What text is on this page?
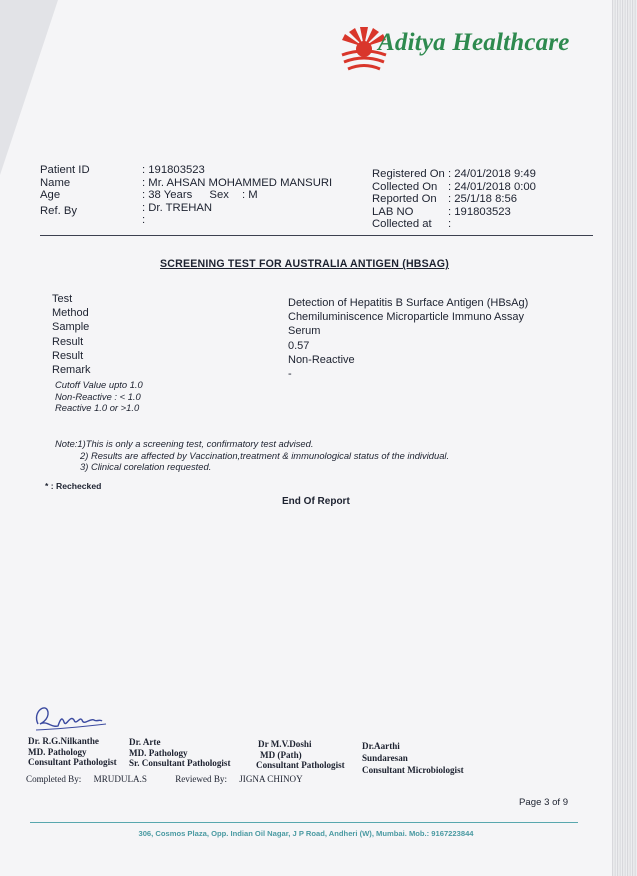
Aditya Healthcare
Patient ID
Name
Age
Ref. By
: 191803523
: Mr. AHSAN MOHAMMED MANSURI
: 38 Years Sex : M
: Dr. TREHAN
:
Registered On
Collected On
Reported On
LAB NO
Collected at
: 24/01/2018 9:49
: 24/01/2018 0:00
: 25/1/18 8:56
: 191803523
:
SCREENING TEST FOR AUSTRALIA ANTIGEN (HBSAG)
Test
Method
Sample
Result
Result
Remark
Detection of Hepatitis B Surface Antigen (HBsAg)
Chemiluminiscence Microparticle Immuno Assay
Serum
0.57
Non-Reactive
-
Cutoff Value upto 1.0
Non-Reactive : < 1.0
Reactive 1.0 or >1.0
Note:1)This is only a screening test, confirmatory test advised.
2) Results are affected by Vaccination,treatment & immunological status of the individual.
3) Clinical corelation requested.
* : Rechecked
End Of Report
Dr. R.G.Nilkanthe
MD. Pathology
Consultant Pathologist
Dr. Arte
MD. Pathology
Sr. Consultant Pathologist
Dr M.V.Doshi
MD (Path)
Consultant Pathologist
Dr.Aarthi
Sundaresan
Consultant Microbiologist
Completed By: MRUDULA.S	Reviewed By: JIGNA CHINOY
Page 3 of 9
306, Cosmos Plaza, Opp. Indian Oil Nagar, J P Road, Andheri (W), Mumbai. Mob.: 9167223844
